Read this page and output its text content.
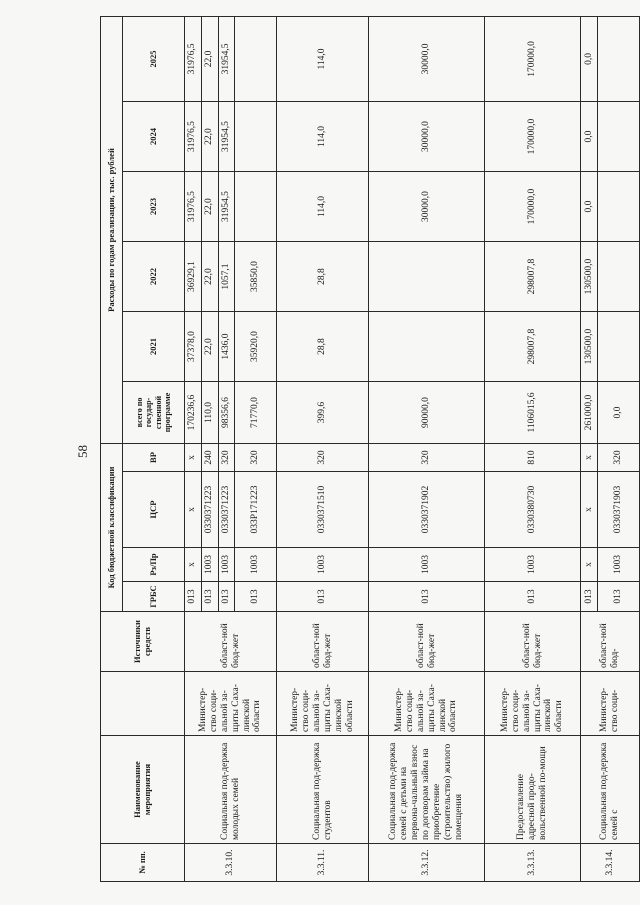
58
№ пп.	Наименование мероприятия		Источники средств	Код бюджетной классификации				Расходы по годам реализации, тыс. рублей					
				ГРБС	Рз/Пр	ЦСР	ВР	всего по государ-ственной программе	2021	2022	2023	2024	2025
3.3.10.	Социальная под-держка молодых семей	Министер-ство соци-альной за-щиты Саха-линской области	област-ной бюд-жет	013	x	x	x	170236,6	37378,0	36929,1	31976,5	31976,5	31976,5
				013	1003	0330371223	240	110,0	22,0	22,0	22,0	22,0	22,0
				013	1003	0330371223	320	98356,6	1436,0	1057,1	31954,5	31954,5	31954,5
				013	1003	033P171223	320	71770,0	35920,0	35850,0			
3.3.11.	Социальная под-держка студентов	Министер-ство соци-альной за-щиты Саха-линской области	област-ной бюд-жет	013	1003	0330371510	320	399,6	28,8	28,8	114,0	114,0	114,0
3.3.12.	Социальная под-держка семей с детьми на первона-чальный взнос по договорам займа на приобретение (строительство) жилого помещения	Министер-ство соци-альной за-щиты Саха-линской области	област-ной бюд-жет	013	1003	0330371902	320	90000,0			30000,0	30000,0	30000,0
3.3.13.	Предоставление адресной продо-вольственной по-мощи	Министер-ство соци-альной за-щиты Саха-линской области	област-ной бюд-жет	013	1003	0330380730	810	1106015,6	298007,8	298007,8	170000,0	170000,0	170000,0
3.3.14.	Социальная под-держка семей с	Министер-ство соци-	област-ной бюд-	013	x	x	x	261000,0	130500,0	130500,0	0,0	0,0	0,0
				013	1003	0330371903	320	0,0					
